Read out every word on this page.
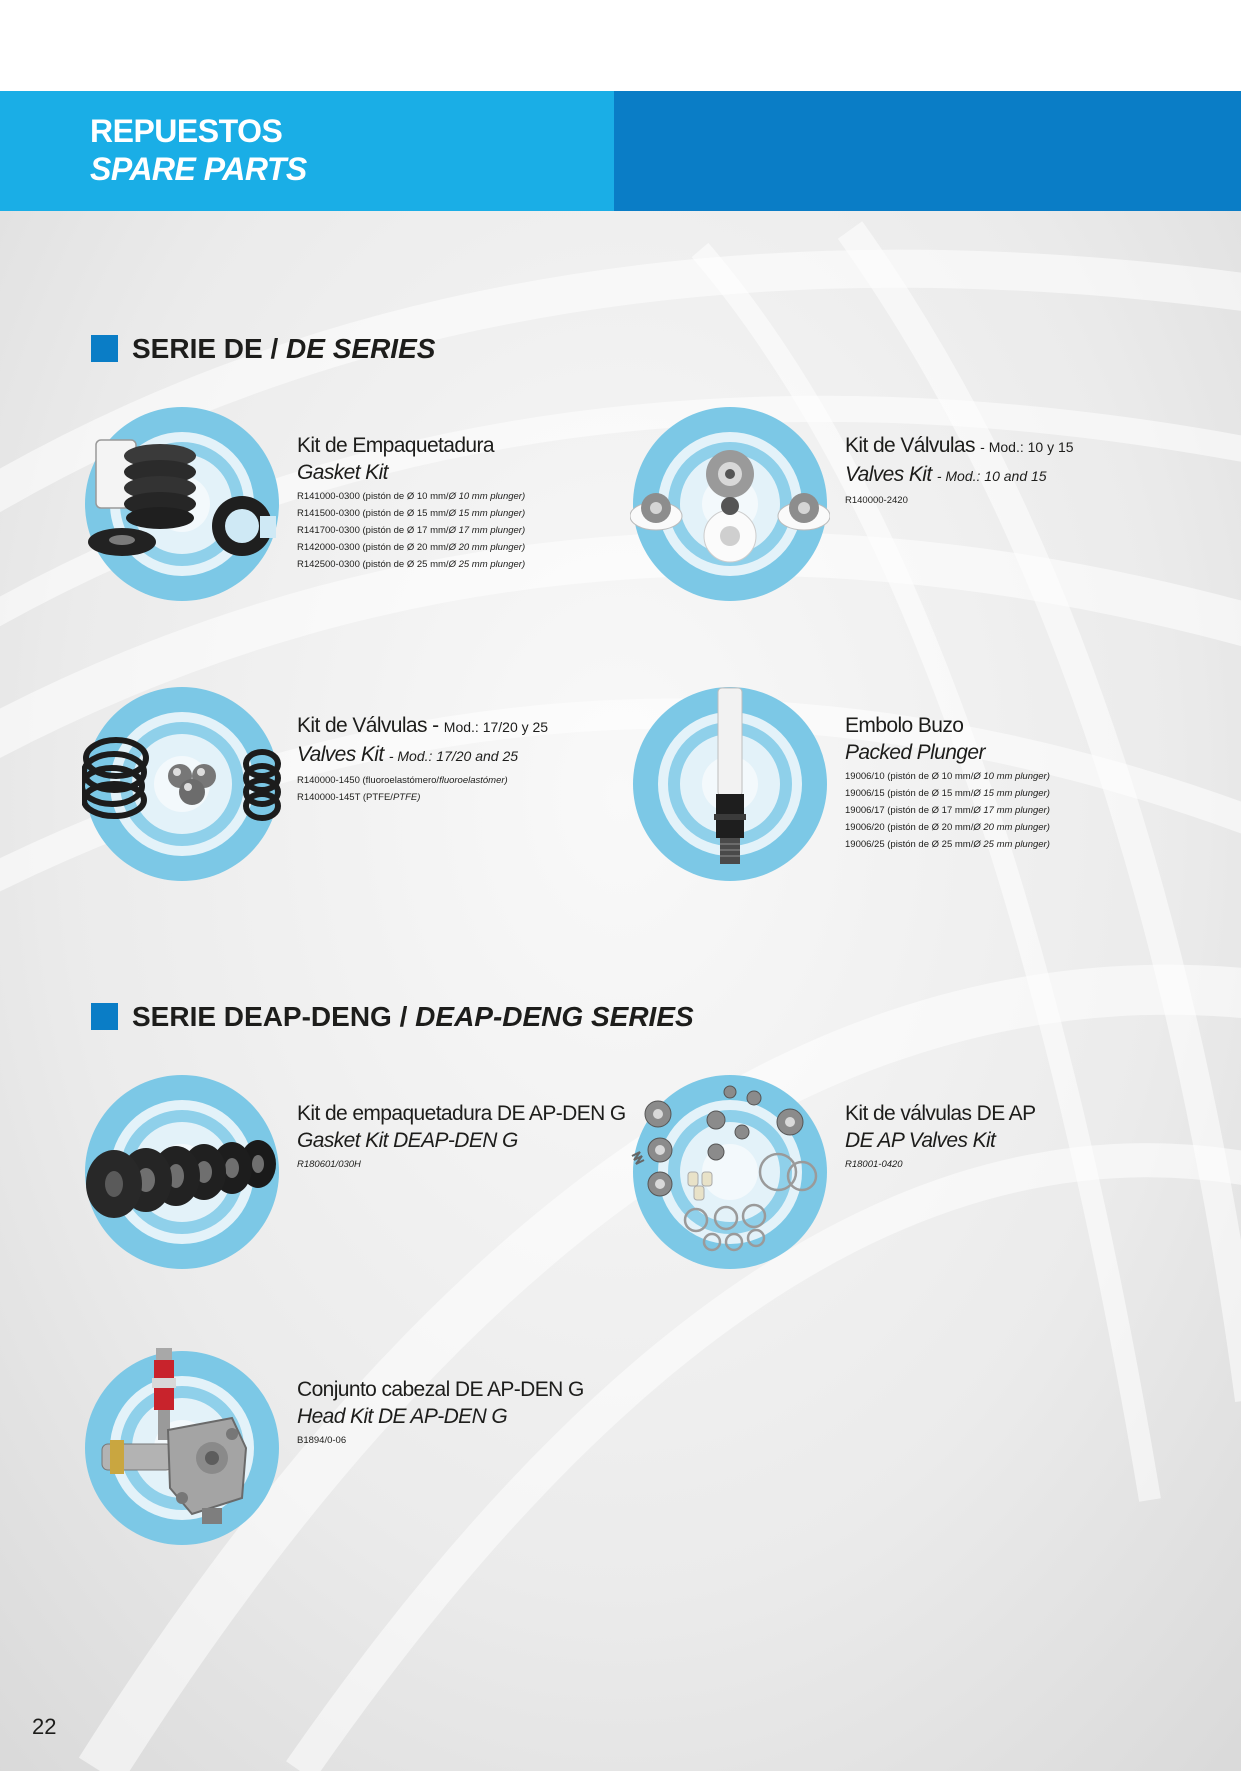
REPUESTOS
SPARE PARTS
SERIE DE / DE SERIES
Kit de Empaquetadura
Gasket Kit
R141000-0300 (pistón de Ø 10 mm/Ø 10 mm plunger)
R141500-0300 (pistón de Ø 15 mm/Ø 15 mm plunger)
R141700-0300 (pistón de Ø 17 mm/Ø 17 mm plunger)
R142000-0300 (pistón de Ø 20 mm/Ø 20 mm plunger)
R142500-0300 (pistón de Ø 25 mm/Ø 25 mm plunger)
Kit de Válvulas - Mod.: 10 y 15
Valves Kit - Mod.: 10 and 15
R140000-2420
Kit de Válvulas - Mod.: 17/20 y 25
Valves Kit - Mod.: 17/20 and 25
R140000-1450 (fluoroelastómero/fluoroelastómer)
R140000-145T (PTFE/PTFE)
Embolo Buzo
Packed Plunger
19006/10 (pistón de Ø 10 mm/Ø 10 mm plunger)
19006/15 (pistón de Ø 15 mm/Ø 15 mm plunger)
19006/17 (pistón de Ø 17 mm/Ø 17 mm plunger)
19006/20 (pistón de Ø 20 mm/Ø 20 mm plunger)
19006/25 (pistón de Ø 25 mm/Ø 25 mm plunger)
SERIE DEAP-DENG / DEAP-DENG SERIES
Kit de empaquetadura DE AP-DEN G
Gasket Kit DEAP-DEN G
R180601/030H
Kit de válvulas DE AP
DE AP Valves Kit
R18001-0420
Conjunto cabezal DE AP-DEN G
Head Kit DE AP-DEN G
B1894/0-06
22
